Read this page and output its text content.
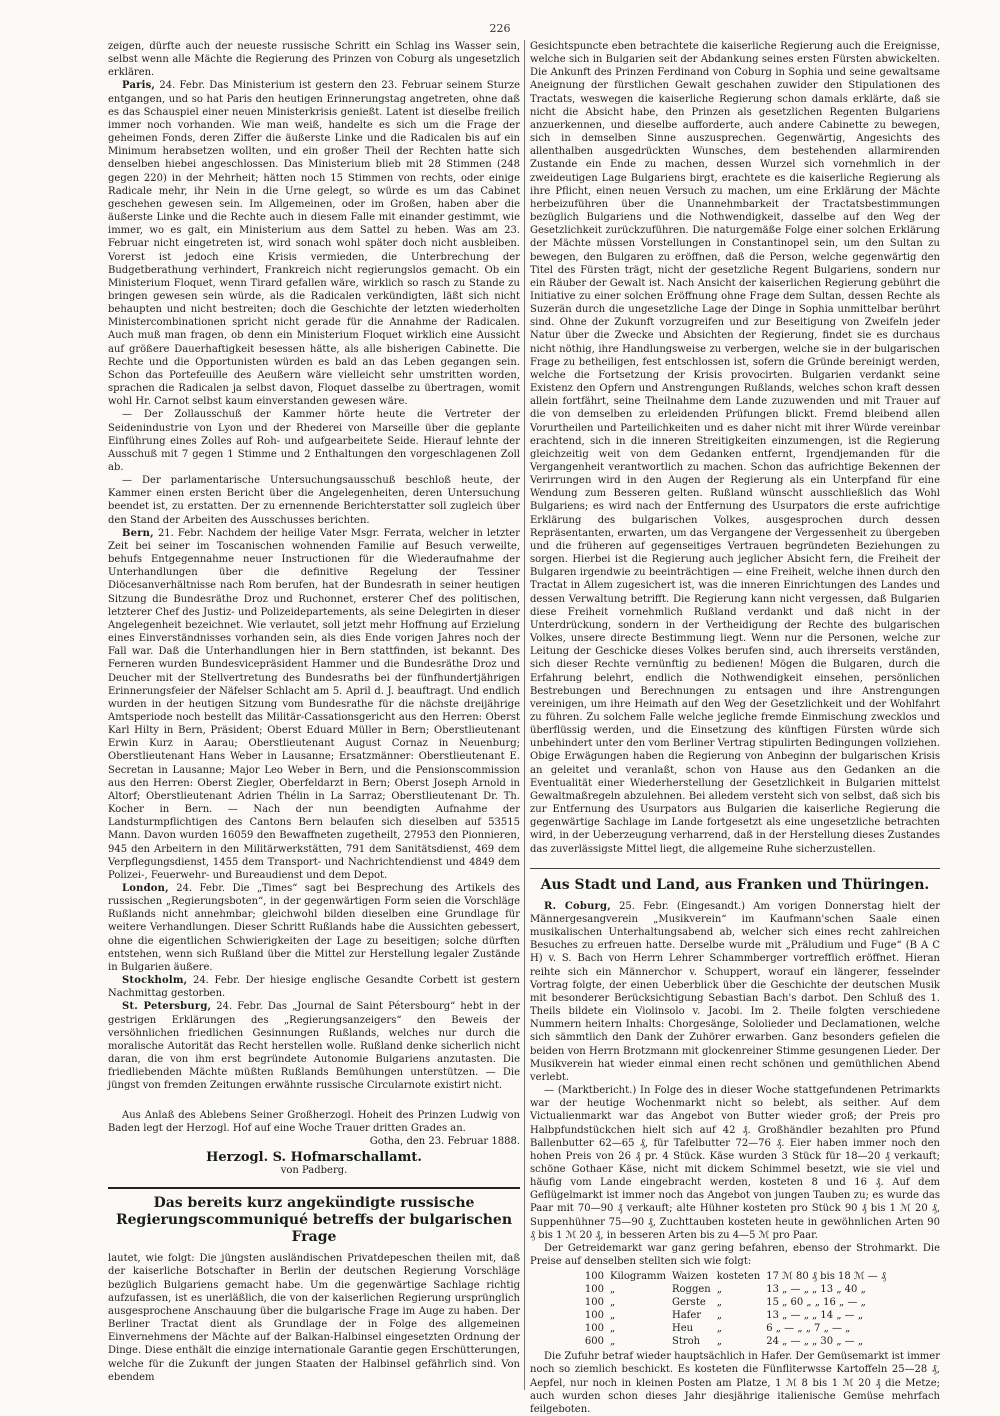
226

zeigen, dürfte auch der neueste russische Schritt ein Schlag ins Wasser sein, selbst wenn alle Mächte die Regierung des Prinzen von Coburg als ungesetzlich erklären.

Paris, 24. Febr. Das Ministerium ist gestern den 23. Februar seinem Sturze entgangen, und so hat Paris den heutigen Erinnerungstag angetreten, ohne daß es das Schauspiel einer neuen Ministerkrisis genießt. Latent ist dieselbe freilich immer noch vorhanden. Wie man weiß, handelte es sich um die Frage der geheimen Fonds, deren Ziffer die äußerste Linke und die Radicalen bis auf ein Minimum herabsetzen wollten, und ein großer Theil der Rechten hatte sich denselben hiebei angeschlossen. Das Ministerium blieb mit 28 Stimmen (248 gegen 220) in der Mehrheit; hätten noch 15 Stimmen von rechts, oder einige Radicale mehr, ihr Nein in die Urne gelegt, so würde es um das Cabinet geschehen gewesen sein. Im Allgemeinen, oder im Großen, haben aber die äußerste Linke und die Rechte auch in diesem Falle mit einander gestimmt, wie immer, wo es galt, ein Ministerium aus dem Sattel zu heben. Was am 23. Februar nicht eingetreten ist, wird sonach wohl später doch nicht ausbleiben. Vorerst ist jedoch eine Krisis vermieden, die Unterbrechung der Budgetberathung verhindert, Frankreich nicht regierungslos gemacht. Ob ein Ministerium Floquet, wenn Tirard gefallen wäre, wirklich so rasch zu Stande zu bringen gewesen sein würde, als die Radicalen verkündigten, läßt sich nicht behaupten und nicht bestreiten; doch die Geschichte der letzten wiederholten Ministercombinationen spricht nicht gerade für die Annahme der Radicalen. Auch muß man fragen, ob denn ein Ministerium Floquet wirklich eine Aussicht auf größere Dauerhaftigkeit besessen hätte, als alle bisherigen Cabinette. Die Rechte und die Opportunisten würden es bald an das Leben gegangen sein. Schon das Portefeuille des Aeußern wäre vielleicht sehr umstritten worden, sprachen die Radicalen ja selbst davon, Floquet dasselbe zu übertragen, womit wohl Hr. Carnot selbst kaum einverstanden gewesen wäre.

— Der Zollausschuß der Kammer hörte heute die Vertreter der Seidenindustrie von Lyon und der Rhederei von Marseille über die geplante Einführung eines Zolles auf Roh- und aufgearbeitete Seide. Hierauf lehnte der Ausschuß mit 7 gegen 1 Stimme und 2 Enthaltungen den vorgeschlagenen Zoll ab.

— Der parlamentarische Untersuchungsausschuß beschloß heute, der Kammer einen ersten Bericht über die Angelegenheiten, deren Untersuchung beendet ist, zu erstatten. Der zu ernennende Berichterstatter soll zugleich über den Stand der Arbeiten des Ausschusses berichten.

Bern, 21. Febr. Nachdem der heilige Vater Msgr. Ferrata, welcher in letzter Zeit bei seiner im Toscanischen wohnenden Familie auf Besuch verweilte, behufs Entgegennahme neuer Instructionen für die Wiederaufnahme der Unterhandlungen über die definitive Regelung der Tessiner Diöcesanverhältnisse nach Rom berufen, hat der Bundesrath in seiner heutigen Sitzung die Bundesräthe Droz und Ruchonnet, ersterer Chef des politischen, letzterer Chef des Justiz- und Polizeidepartements, als seine Delegirten in dieser Angelegenheit bezeichnet. Wie verlautet, soll jetzt mehr Hoffnung auf Erzielung eines Einverständnisses vorhanden sein, als dies Ende vorigen Jahres noch der Fall war. Daß die Unterhandlungen hier in Bern stattfinden, ist bekannt. Des Ferneren wurden Bundesvicepräsident Hammer und die Bundesräthe Droz und Deucher mit der Stellvertretung des Bundesraths bei der fünfhundertjährigen Erinnerungsfeier der Näfelser Schlacht am 5. April d. J. beauftragt. Und endlich wurden in der heutigen Sitzung vom Bundesrathe für die nächste dreijährige Amtsperiode noch bestellt das Militär-Cassationsgericht aus den Herren: Oberst Karl Hilty in Bern, Präsident; Oberst Eduard Müller in Bern; Oberstlieutenant Erwin Kurz in Aarau; Oberstlieutenant August Cornaz in Neuenburg; Oberstlieutenant Hans Weber in Lausanne; Ersatzmänner: Oberstlieutenant E. Secretan in Lausanne; Major Leo Weber in Bern, und die Pensionscommission aus den Herren: Oberst Ziegler, Oberfeldarzt in Bern; Oberst Joseph Arnold in Altorf; Oberstlieutenant Adrien Thélin in La Sarraz; Oberstlieutenant Dr. Th. Kocher in Bern. — Nach der nun beendigten Aufnahme der Landsturmpflichtigen des Cantons Bern belaufen sich dieselben auf 53515 Mann. Davon wurden 16059 den Bewaffneten zugetheilt, 27953 den Pionnieren, 945 den Arbeitern in den Militärwerkstätten, 791 dem Sanitätsdienst, 469 dem Verpflegungsdienst, 1455 dem Transport- und Nachrichtendienst und 4849 dem Polizei-, Feuerwehr- und Bureaudienst und dem Depot.

London, 24. Febr. Die „Times“ sagt bei Besprechung des Artikels des russischen „Regierungsboten“, in der gegenwärtigen Form seien die Vorschläge Rußlands nicht annehmbar; gleichwohl bilden dieselben eine Grundlage für weitere Verhandlungen. Dieser Schritt Rußlands habe die Aussichten gebessert, ohne die eigentlichen Schwierigkeiten der Lage zu beseitigen; solche dürften entstehen, wenn sich Rußland über die Mittel zur Herstellung legaler Zustände in Bulgarien äußere.

Stockholm, 24. Febr. Der hiesige englische Gesandte Corbett ist gestern Nachmittag gestorben.

St. Petersburg, 24. Febr. Das „Journal de Saint Pétersbourg“ hebt in der gestrigen Erklärungen des „Regierungsanzeigers“ den Beweis der versöhnlichen friedlichen Gesinnungen Rußlands, welches nur durch die moralische Autorität das Recht herstellen wolle. Rußland denke sicherlich nicht daran, die von ihm erst begründete Autonomie Bulgariens anzutasten. Die friedliebenden Mächte müßten Rußlands Bemühungen unterstützen. — Die jüngst von fremden Zeitungen erwähnte russische Circularnote existirt nicht.

Aus Anlaß des Ablebens Seiner Großherzogl. Hoheit des Prinzen Ludwig von Baden legt der Herzogl. Hof auf eine Woche Trauer dritten Grades an.

Gotha, den 23. Februar 1888.
Herzogl. S. Hofmarschallamt.
von Padberg.
Das bereits kurz angekündigte russische Regierungscommuniqué betreffs der bulgarischen Frage

lautet, wie folgt: Die jüngsten ausländischen Privatdepeschen theilen mit, daß der kaiserliche Botschafter in Berlin der deutschen Regierung Vorschläge bezüglich Bulgariens gemacht habe. Um die gegenwärtige Sachlage richtig aufzufassen, ist es unerläßlich, die von der kaiserlichen Regierung ursprünglich ausgesprochene Anschauung über die bulgarische Frage im Auge zu haben. Der Berliner Tractat dient als Grundlage der in Folge des allgemeinen Einvernehmens der Mächte auf der Balkan-Halbinsel eingesetzten Ordnung der Dinge. Diese enthält die einzige internationale Garantie gegen Erschütterungen, welche für die Zukunft der jungen Staaten der Halbinsel gefährlich sind. Von ebendem

Gesichtspuncte eben betrachtete die kaiserliche Regierung auch die Ereignisse, welche sich in Bulgarien seit der Abdankung seines ersten Fürsten abwickelten. Die Ankunft des Prinzen Ferdinand von Coburg in Sophia und seine gewaltsame Aneignung der fürstlichen Gewalt geschahen zuwider den Stipulationen des Tractats, weswegen die kaiserliche Regierung schon damals erklärte, daß sie nicht die Absicht habe, den Prinzen als gesetzlichen Regenten Bulgariens anzuerkennen, und dieselbe aufforderte, auch andere Cabinette zu bewegen, sich in demselben Sinne auszusprechen. Gegenwärtig, Angesichts des allenthalben ausgedrückten Wunsches, dem bestehenden allarmirenden Zustande ein Ende zu machen, dessen Wurzel sich vornehmlich in der zweideutigen Lage Bulgariens birgt, erachtete es die kaiserliche Regierung als ihre Pflicht, einen neuen Versuch zu machen, um eine Erklärung der Mächte herbeizuführen über die Unannehmbarkeit der Tractatsbestimmungen bezüglich Bulgariens und die Nothwendigkeit, dasselbe auf den Weg der Gesetzlichkeit zurückzuführen. Die naturgemäße Folge einer solchen Erklärung der Mächte müssen Vorstellungen in Constantinopel sein, um den Sultan zu bewegen, den Bulgaren zu eröffnen, daß die Person, welche gegenwärtig den Titel des Fürsten trägt, nicht der gesetzliche Regent Bulgariens, sondern nur ein Räuber der Gewalt ist. Nach Ansicht der kaiserlichen Regierung gebührt die Initiative zu einer solchen Eröffnung ohne Frage dem Sultan, dessen Rechte als Suzerän durch die ungesetzliche Lage der Dinge in Sophia unmittelbar berührt sind. Ohne der Zukunft vorzugreifen und zur Beseitigung von Zweifeln jeder Natur über die Zwecke und Absichten der Regierung, findet sie es durchaus nicht nöthig, ihre Handlungsweise zu verbergen, welche sie in der bulgarischen Frage zu betheiligen, fest entschlossen ist, sofern die Gründe bereinigt werden, welche die Fortsetzung der Krisis provocirten. Bulgarien verdankt seine Existenz den Opfern und Anstrengungen Rußlands, welches schon kraft dessen allein fortfährt, seine Theilnahme dem Lande zuzuwenden und mit Trauer auf die von demselben zu erleidenden Prüfungen blickt. Fremd bleibend allen Vorurtheilen und Parteilichkeiten und es daher nicht mit ihrer Würde vereinbar erachtend, sich in die inneren Streitigkeiten einzumengen, ist die Regierung gleichzeitig weit von dem Gedanken entfernt, Irgendjemanden für die Vergangenheit verantwortlich zu machen. Schon das aufrichtige Bekennen der Verirrungen wird in den Augen der Regierung als ein Unterpfand für eine Wendung zum Besseren gelten. Rußland wünscht ausschließlich das Wohl Bulgariens; es wird nach der Entfernung des Usurpators die erste aufrichtige Erklärung des bulgarischen Volkes, ausgesprochen durch dessen Repräsentanten, erwarten, um das Vergangene der Vergessenheit zu übergeben und die früheren auf gegenseitiges Vertrauen begründeten Beziehungen zu sorgen. Hierbei ist die Regierung auch jeglicher Absicht fern, die Freiheit der Bulgaren irgendwie zu beeinträchtigen — eine Freiheit, welche ihnen durch den Tractat in Allem zugesichert ist, was die inneren Einrichtungen des Landes und dessen Verwaltung betrifft. Die Regierung kann nicht vergessen, daß Bulgarien diese Freiheit vornehmlich Rußland verdankt und daß nicht in der Unterdrückung, sondern in der Vertheidigung der Rechte des bulgarischen Volkes, unsere directe Bestimmung liegt. Wenn nur die Personen, welche zur Leitung der Geschicke dieses Volkes berufen sind, auch ihrerseits verständen, sich dieser Rechte vernünftig zu bedienen! Mögen die Bulgaren, durch die Erfahrung belehrt, endlich die Nothwendigkeit einsehen, persönlichen Bestrebungen und Berechnungen zu entsagen und ihre Anstrengungen vereinigen, um ihre Heimath auf den Weg der Gesetzlichkeit und der Wohlfahrt zu führen. Zu solchem Falle welche jegliche fremde Einmischung zwecklos und überflüssig werden, und die Einsetzung des künftigen Fürsten würde sich unbehindert unter den vom Berliner Vertrag stipulirten Bedingungen vollziehen. Obige Erwägungen haben die Regierung von Anbeginn der bulgarischen Krisis an geleitet und veranlaßt, schon von Hause aus den Gedanken an die Eventualität einer Wiederherstellung der Gesetzlichkeit in Bulgarien mittelst Gewaltmaßregeln abzulehnen. Bei alledem versteht sich von selbst, daß sich bis zur Entfernung des Usurpators aus Bulgarien die kaiserliche Regierung die gegenwärtige Sachlage im Lande fortgesetzt als eine ungesetzliche betrachten wird, in der Ueberzeugung verharrend, daß in der Herstellung dieses Zustandes das zuverlässigste Mittel liegt, die allgemeine Ruhe sicherzustellen.

Aus Stadt und Land, aus Franken und Thüringen.

R. Coburg, 25. Febr. (Eingesandt.) Am vorigen Donnerstag hielt der Männergesangverein „Musikverein“ im Kaufmann'schen Saale einen musikalischen Unterhaltungsabend ab, welcher sich eines recht zahlreichen Besuches zu erfreuen hatte. Derselbe wurde mit „Präludium und Fuge“ (B A C H) v. S. Bach von Herrn Lehrer Schammberger vortrefflich eröffnet. Hieran reihte sich ein Männerchor v. Schuppert, worauf ein längerer, fesselnder Vortrag folgte, der einen Ueberblick über die Geschichte der deutschen Musik mit besonderer Berücksichtigung Sebastian Bach's darbot. Den Schluß des 1. Theils bildete ein Violinsolo v. Jacobi. Im 2. Theile folgten verschiedene Nummern heitern Inhalts: Chorgesänge, Sololieder und Declamationen, welche sich sämmtlich den Dank der Zuhörer erwarben. Ganz besonders gefielen die beiden von Herrn Brotzmann mit glockenreiner Stimme gesungenen Lieder. Der Musikverein hat wieder einmal einen recht schönen und gemüthlichen Abend verlebt.

— (Marktbericht.) In Folge des in dieser Woche stattgefundenen Petrimarkts war der heutige Wochenmarkt nicht so belebt, als seither. Auf dem Victualienmarkt war das Angebot von Butter wieder groß; der Preis pro Halbpfundstückchen hielt sich auf 42 ₰. Großhändler bezahlten pro Pfund Ballenbutter 62—65 ₰, für Tafelbutter 72—76 ₰. Eier haben immer noch den hohen Preis von 26 ₰ pr. 4 Stück. Käse wurden 3 Stück für 18—20 ₰ verkauft; schöne Gothaer Käse, nicht mit dickem Schimmel besetzt, wie sie viel und häufig vom Lande eingebracht werden, kosteten 8 und 16 ₰. Auf dem Geflügelmarkt ist immer noch das Angebot von jungen Tauben zu; es wurde das Paar mit 70—90 ₰ verkauft; alte Hühner kosteten pro Stück 90 ₰ bis 1 ℳ 20 ₰, Suppenhühner 75—90 ₰, Zuchttauben kosteten heute in gewöhnlichen Arten 90 ₰ bis 1 ℳ 20 ₰, in besseren Arten bis zu 4—5 ℳ pro Paar.

Der Getreidemarkt war ganz gering befahren, ebenso der Strohmarkt. Die Preise auf denselben stellten sich wie folgt:

100	Kilogramm	Waizen	kosteten	17 ℳ 80 ₰ bis 18 ℳ — ₰
100	„	Roggen	„	13 „ — „ „ 13 „ 40 „
100	„	Gerste	„	15 „ 60 „ „ 16 „ — „
100	„	Hafer	„	13 „ — „ „ 14 „ — „
100	„	Heu	„	6 „ — „ „ 7 „ — „
600	„	Stroh	„	24 „ — „ „ 30 „ — „

Die Zufuhr betraf wieder hauptsächlich in Hafer. Der Gemüsemarkt ist immer noch so ziemlich beschickt. Es kosteten die Fünfliterwsse Kartoffeln 25—28 ₰, Aepfel, nur noch in kleinen Posten am Platze, 1 ℳ 8 bis 1 ℳ 20 ₰ die Metze; auch wurden schon dieses Jahr diesjährige italienische Gemüse mehrfach feilgeboten.
